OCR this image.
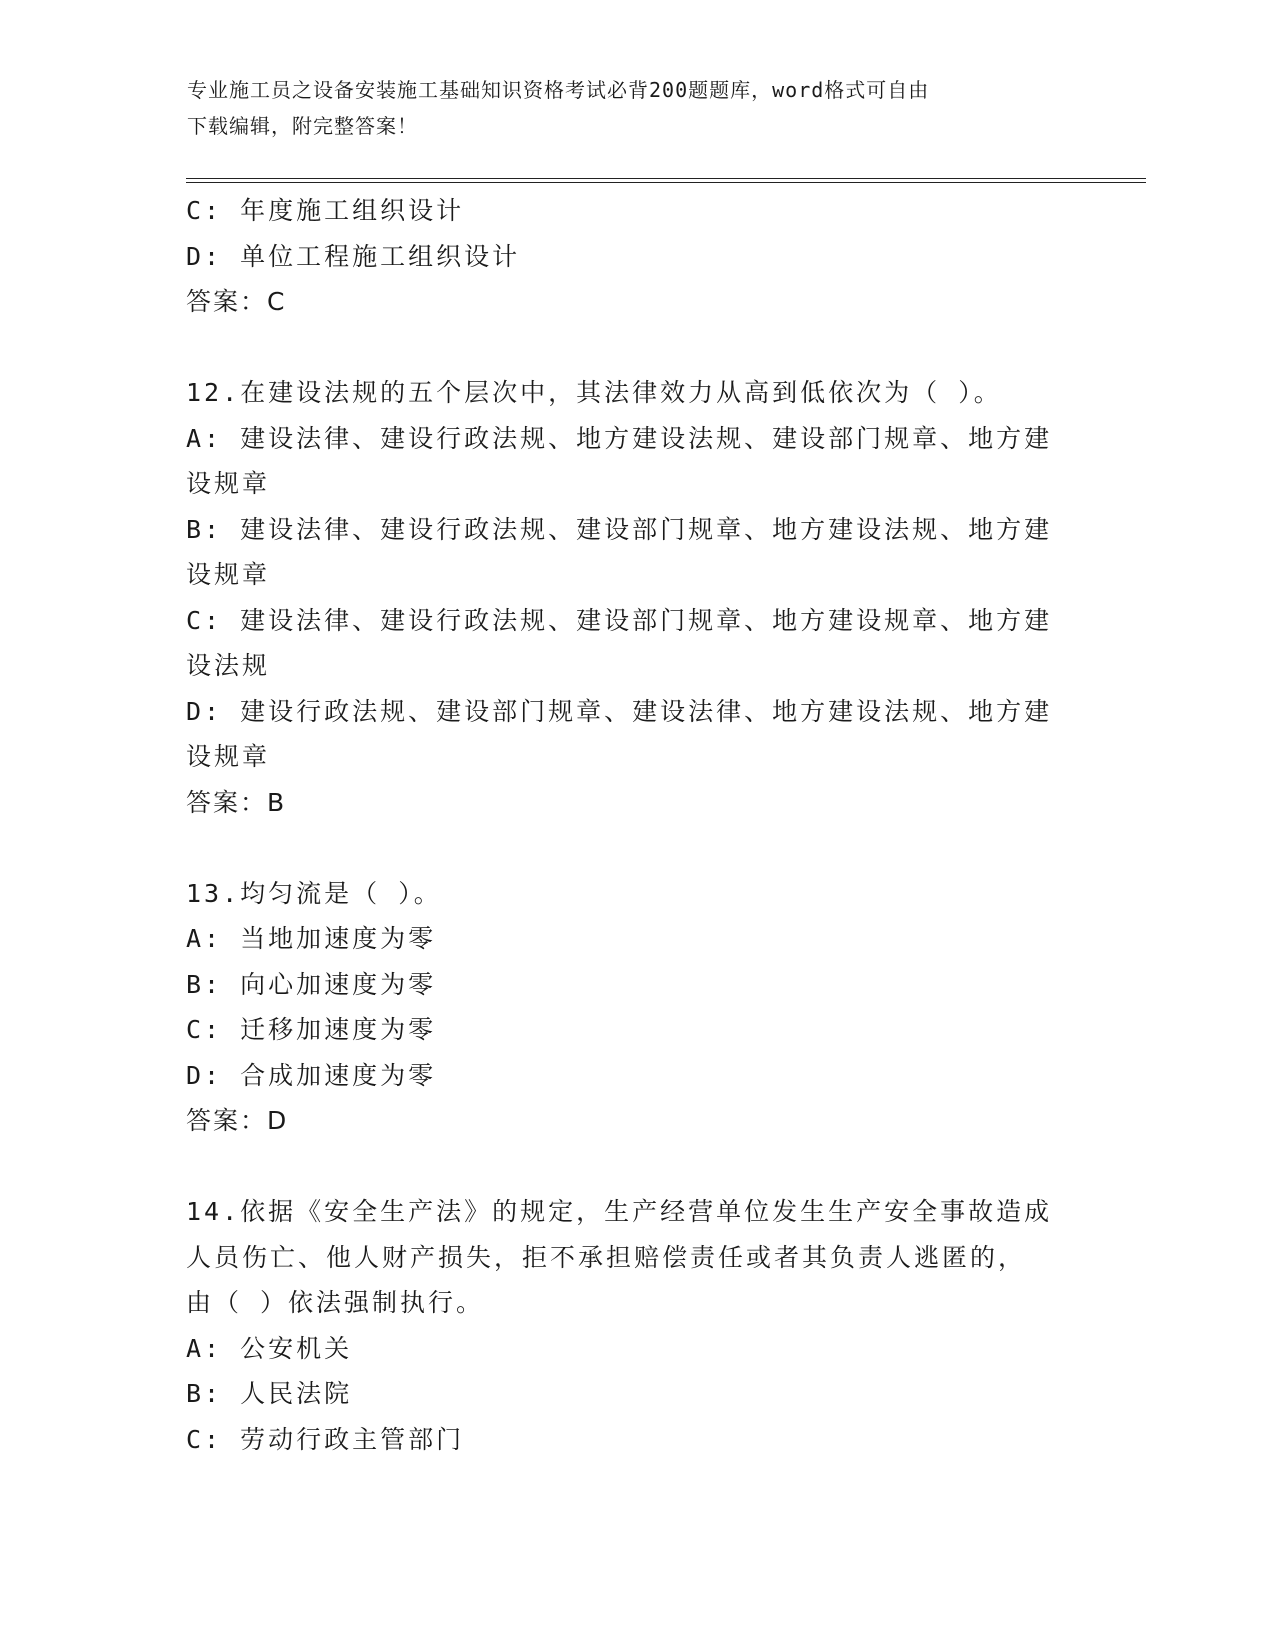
专业施工员之设备安装施工基础知识资格考试必背200题题库，word格式可自由
下载编辑，附完整答案！
C: 年度施工组织设计
D: 单位工程施工组织设计
答案：C
12.在建设法规的五个层次中，其法律效力从高到低依次为（ ）。
A: 建设法律、建设行政法规、地方建设法规、建设部门规章、地方建
设规章
B: 建设法律、建设行政法规、建设部门规章、地方建设法规、地方建
设规章
C: 建设法律、建设行政法规、建设部门规章、地方建设规章、地方建
设法规
D: 建设行政法规、建设部门规章、建设法律、地方建设法规、地方建
设规章
答案：B
13.均匀流是（ ）。
A: 当地加速度为零
B: 向心加速度为零
C: 迁移加速度为零
D: 合成加速度为零
答案：D
14.依据《安全生产法》的规定，生产经营单位发生生产安全事故造成
人员伤亡、他人财产损失，拒不承担赔偿责任或者其负责人逃匿的，
由（ ）依法强制执行。
A: 公安机关
B: 人民法院
C: 劳动行政主管部门
